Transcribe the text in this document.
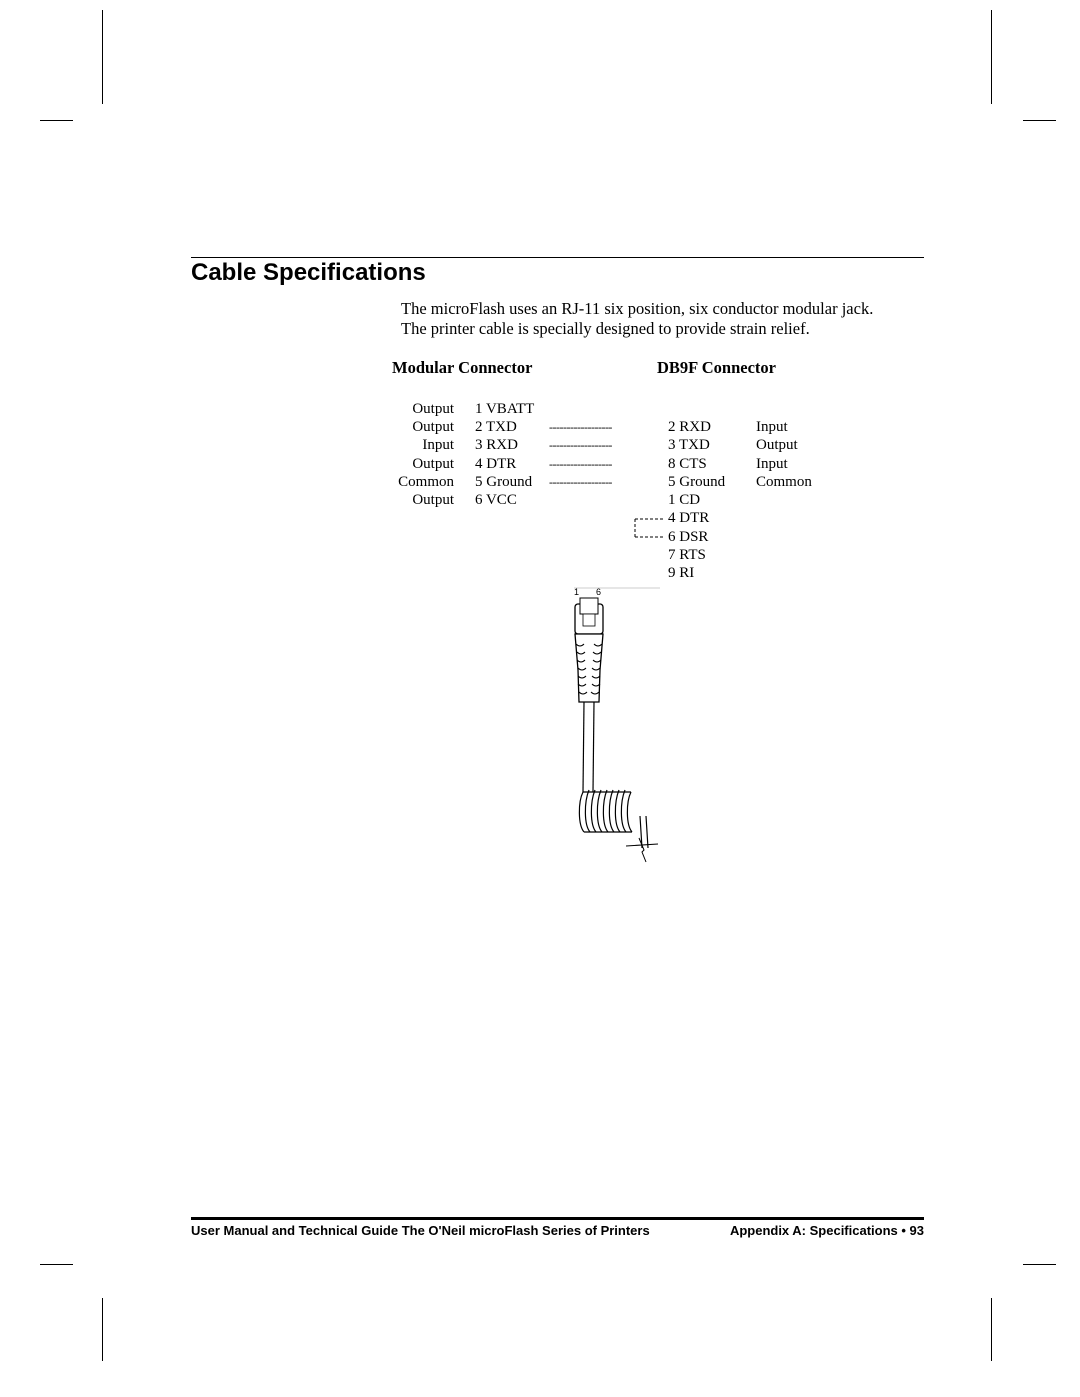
Cable Specifications
The microFlash uses an RJ-11 six position, six conductor modular jack.
The printer cable is specially designed to provide strain relief.
Modular Connector	DB9F Connector
Output 1 VBATT
Output 2 TXD	------------------	2 RXD	Input
Input 3 RXD	------------------	3 TXD	Output
Output 4 DTR	------------------	8 CTS	Input
Common 5 Ground ------------------	5 Ground Common
Output 6 VCC	1 CD
4 DTR
6 DSR
7 RTS
9 RI
1 6
User Manual and Technical Guide The O'Neil microFlash Series of Printers	Appendix A: Specifications • 93
